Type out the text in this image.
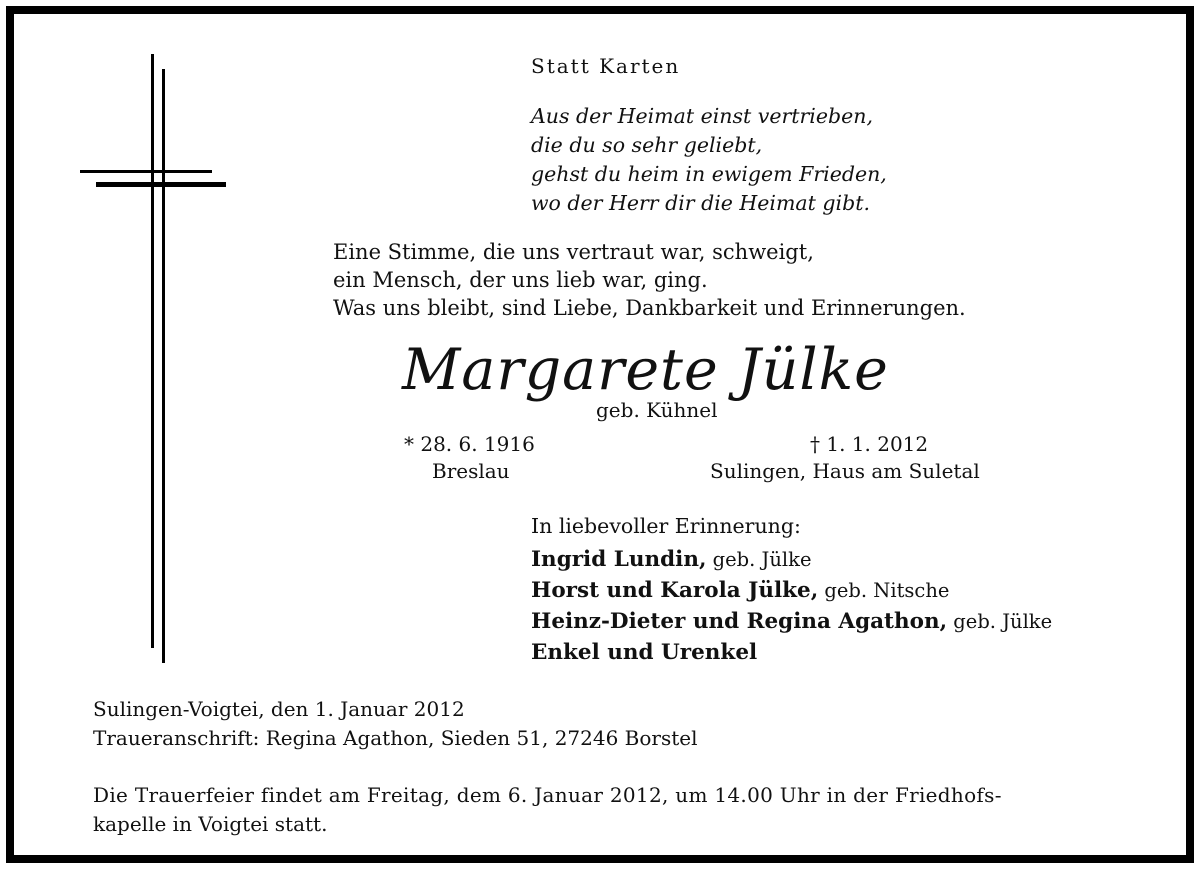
Statt Karten
Aus der Heimat einst vertrieben,
die du so sehr geliebt,
gehst du heim in ewigem Frieden,
wo der Herr dir die Heimat gibt.
Eine Stimme, die uns vertraut war, schweigt,
ein Mensch, der uns lieb war, ging.
Was uns bleibt, sind Liebe, Dankbarkeit und Erinnerungen.
Margarete Jülke
geb. Kühnel
* 28. 6. 1916
Breslau
† 1. 1. 2012
Sulingen, Haus am Suletal
In liebevoller Erinnerung:
Ingrid Lundin, geb. Jülke
Horst und Karola Jülke, geb. Nitsche
Heinz-Dieter und Regina Agathon, geb. Jülke
Enkel und Urenkel
Sulingen-Voigtei, den 1. Januar 2012
Traueranschrift: Regina Agathon, Sieden 51, 27246 Borstel
Die Trauerfeier findet am Freitag, dem 6. Januar 2012, um 14.00 Uhr in der Friedhofs-
kapelle in Voigtei statt.
